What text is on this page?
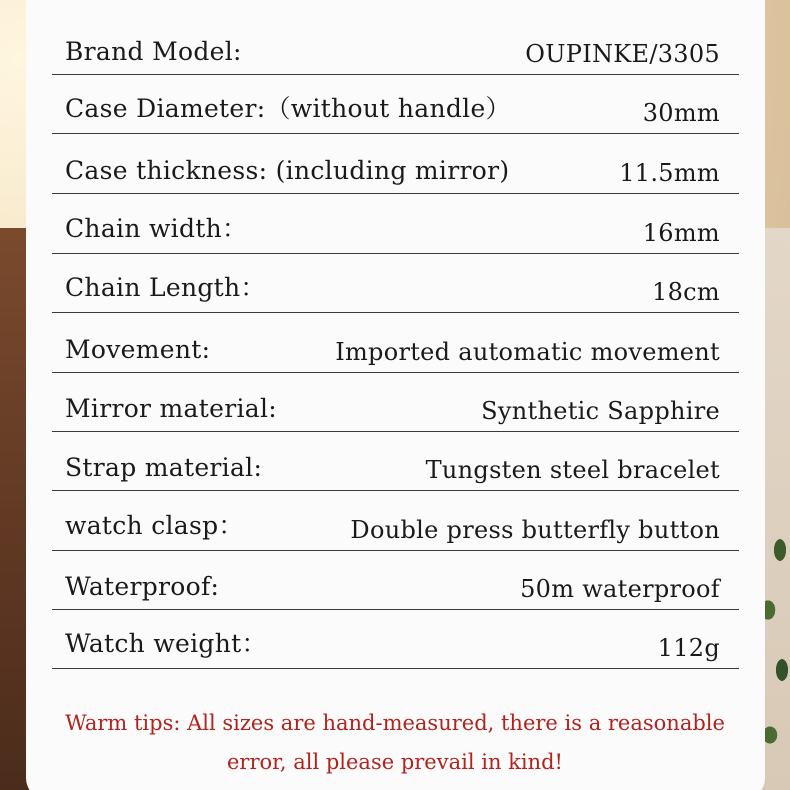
Brand Model:	OUPINKE/3305
Case Diameter:（without handle）	30mm
Case thickness: (including mirror)	11.5mm
Chain width：	16mm
Chain Length：	18cm
Movement:	Imported automatic movement
Mirror material:	Synthetic Sapphire
Strap material:	Tungsten steel bracelet
watch clasp：	Double press butterfly button
Waterproof:	50m waterproof
Watch weight：	112g
Warm tips: All sizes are hand-measured, there is a reasonable
error, all please prevail in kind!
